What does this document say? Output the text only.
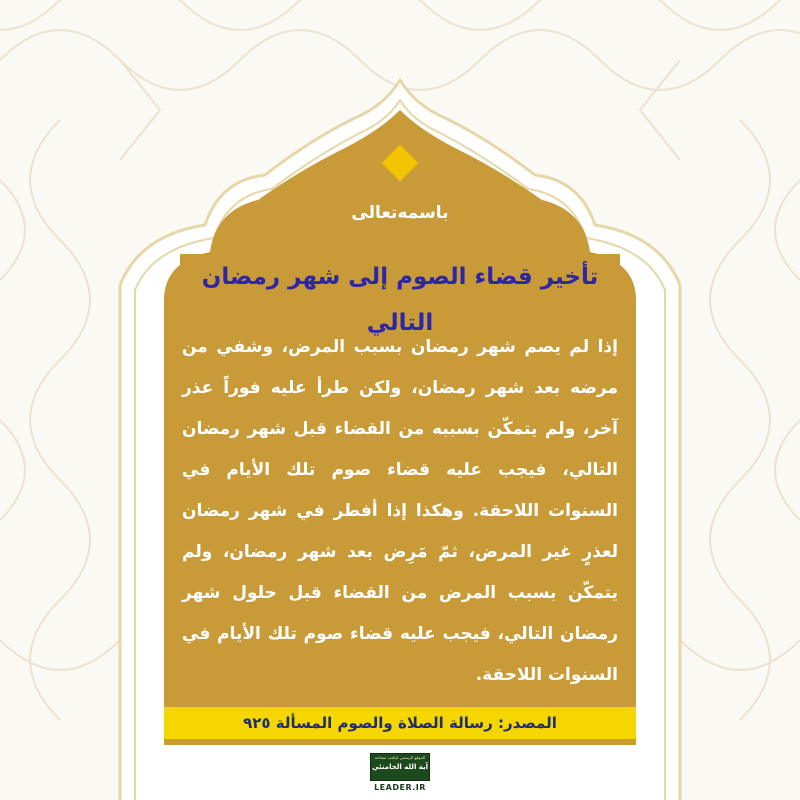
باسمه‌تعالی
تأخیر قضاء الصوم إلی شهر رمضان التالي
إذا لم يصم شهر رمضان بسبب المرض، وشفي من مرضه بعد شهر رمضان، ولكن طرأ عليه فوراً عذر آخر، ولم يتمكّن بسببه من القضاء قبل شهر رمضان التالي، فيجب عليه قضاء صوم تلك الأيام في السنوات اللاحقة. وهكذا إذا أفطر في شهر رمضان لعذرٍ غير المرض، ثمّ مَرِض بعد شهر رمضان، ولم يتمكّن بسبب المرض من القضاء قبل حلول شهر رمضان التالي، فيجب عليه قضاء صوم تلك الأيام في السنوات اللاحقة.
المصدر: رسالة الصلاة والصوم المسألة ٩٢٥
الموقع الرسمي لمكتب سماحة
آية الله الخامنئي
LEADER.IR
